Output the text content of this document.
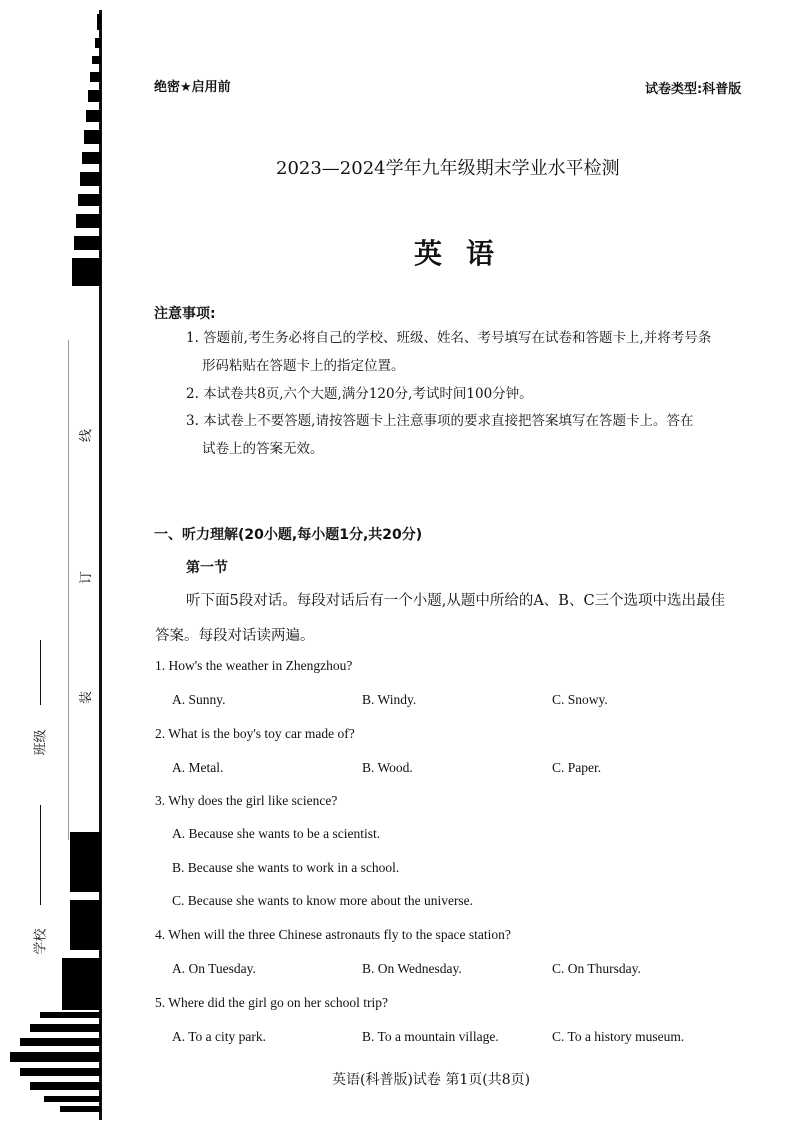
线
订
装
班级
学校
绝密★启用前	试卷类型:科普版
2023—2024学年九年级期末学业水平检测
英语
注意事项:
1. 答题前,考生务必将自己的学校、班级、姓名、考号填写在试卷和答题卡上,并将考号条
形码粘贴在答题卡上的指定位置。
2. 本试卷共8页,六个大题,满分120分,考试时间100分钟。
3. 本试卷上不要答题,请按答题卡上注意事项的要求直接把答案填写在答题卡上。答在
试卷上的答案无效。
一、听力理解(20小题,每小题1分,共20分)
第一节
听下面5段对话。每段对话后有一个小题,从题中所给的A、B、C三个选项中选出最佳
答案。每段对话读两遍。
1. How's the weather in Zhengzhou?
A. Sunny.	B. Windy.	C. Snowy.
2. What is the boy's toy car made of?
A. Metal.	B. Wood.	C. Paper.
3. Why does the girl like science?
A. Because she wants to be a scientist.
B. Because she wants to work in a school.
C. Because she wants to know more about the universe.
4. When will the three Chinese astronauts fly to the space station?
A. On Tuesday.	B. On Wednesday.	C. On Thursday.
5. Where did the girl go on her school trip?
A. To a city park.	B. To a mountain village.	C. To a history museum.
英语(科普版)试卷 第1页(共8页)
